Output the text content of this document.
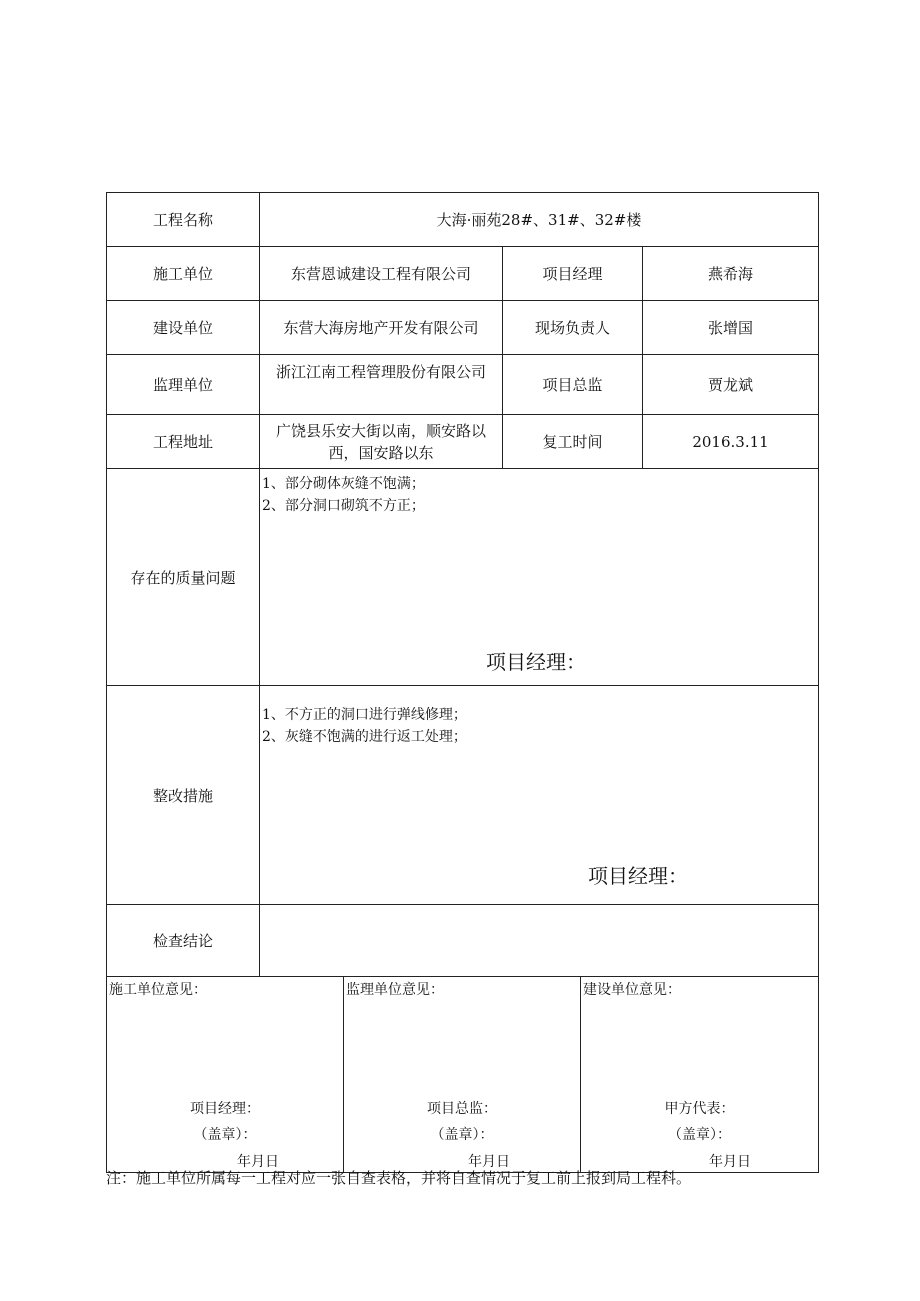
工程名称	大海·丽苑28#、31#、32#楼		
施工单位	东营恩诚建设工程有限公司	项目经理	燕希海
建设单位	东营大海房地产开发有限公司	现场负责人	张增国
监理单位	浙江江南工程管理股份有限公司	项目总监	贾龙斌
工程地址	广饶县乐安大街以南，顺安路以
西，国安路以东	复工时间	2016.3.11
存在的质量问题	1、部分砌体灰缝不饱满；
2、部分洞口砌筑不方正；
项目经理：		

整改措施	1、不方正的洞口进行弹线修理；
2、灰缝不饱满的进行返工处理；
项目经理：		

检查结论			
施工单位意见：
项目经理：
（盖章）：
年月日

监理单位意见：
项目总监：
（盖章）：
年月日

建设单位意见：
甲方代表：
（盖章）：
年月日
注：施工单位所属每一工程对应一张自查表格，并将自查情况于复工前上报到局工程科。
